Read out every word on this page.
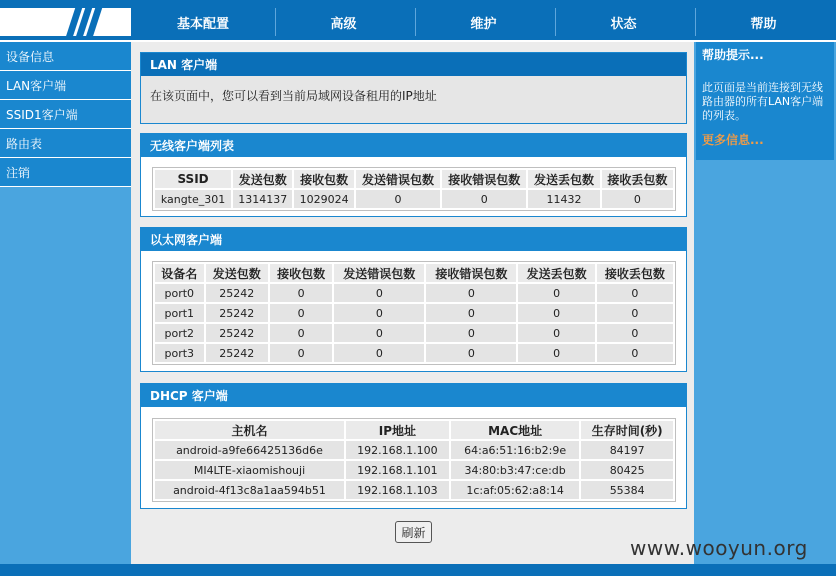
基本配置	高级	维护	状态	帮助
设备信息
LAN客户端
SSID1客户端
路由表
注销
LAN 客户端
在该页面中，您可以看到当前局域网设备租用的IP地址
无线客户端列表
SSID	发送包数	接收包数	发送错误包数	接收错误包数	发送丢包数	接收丢包数
kangte_301	1314137	1029024	0	0	11432	0
以太网客户端
设备名	发送包数	接收包数	发送错误包数	接收错误包数	发送丢包数	接收丢包数
port0	25242	0	0	0	0	0
port1	25242	0	0	0	0	0
port2	25242	0	0	0	0	0
port3	25242	0	0	0	0	0
DHCP 客户端
主机名	IP地址	MAC地址	生存时间(秒)
android-a9fe66425136d6e	192.168.1.100	64:a6:51:16:b2:9e	84197
MI4LTE-xiaomishouji	192.168.1.101	34:80:b3:47:ce:db	80425
android-4f13c8a1aa594b51	192.168.1.103	1c:af:05:62:a8:14	55384
刷新
帮助提示...
此页面是当前连接到无线路由器的所有LAN客户端的列表。
更多信息...
www.wooyun.org
